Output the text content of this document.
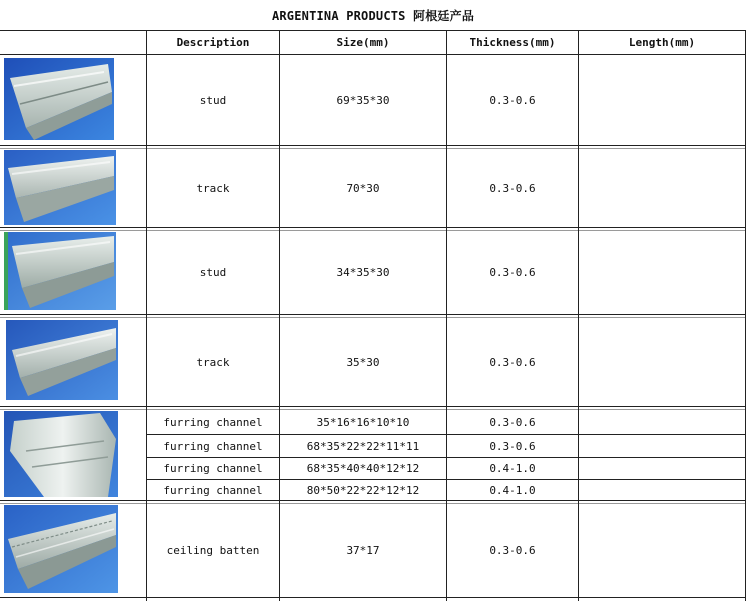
ARGENTINA PRODUCTS 阿根廷产品
Description	Size(mm)	Thickness(mm)	Length(mm)
stud	69*35*30	0.3-0.6
track	70*30	0.3-0.6
stud	34*35*30	0.3-0.6
track	35*30	0.3-0.6
furring channel	35*16*16*10*10	0.3-0.6
furring channel	68*35*22*22*11*11	0.3-0.6
furring channel	68*35*40*40*12*12	0.4-1.0
furring channel	80*50*22*22*12*12	0.4-1.0
ceiling batten	37*17	0.3-0.6
